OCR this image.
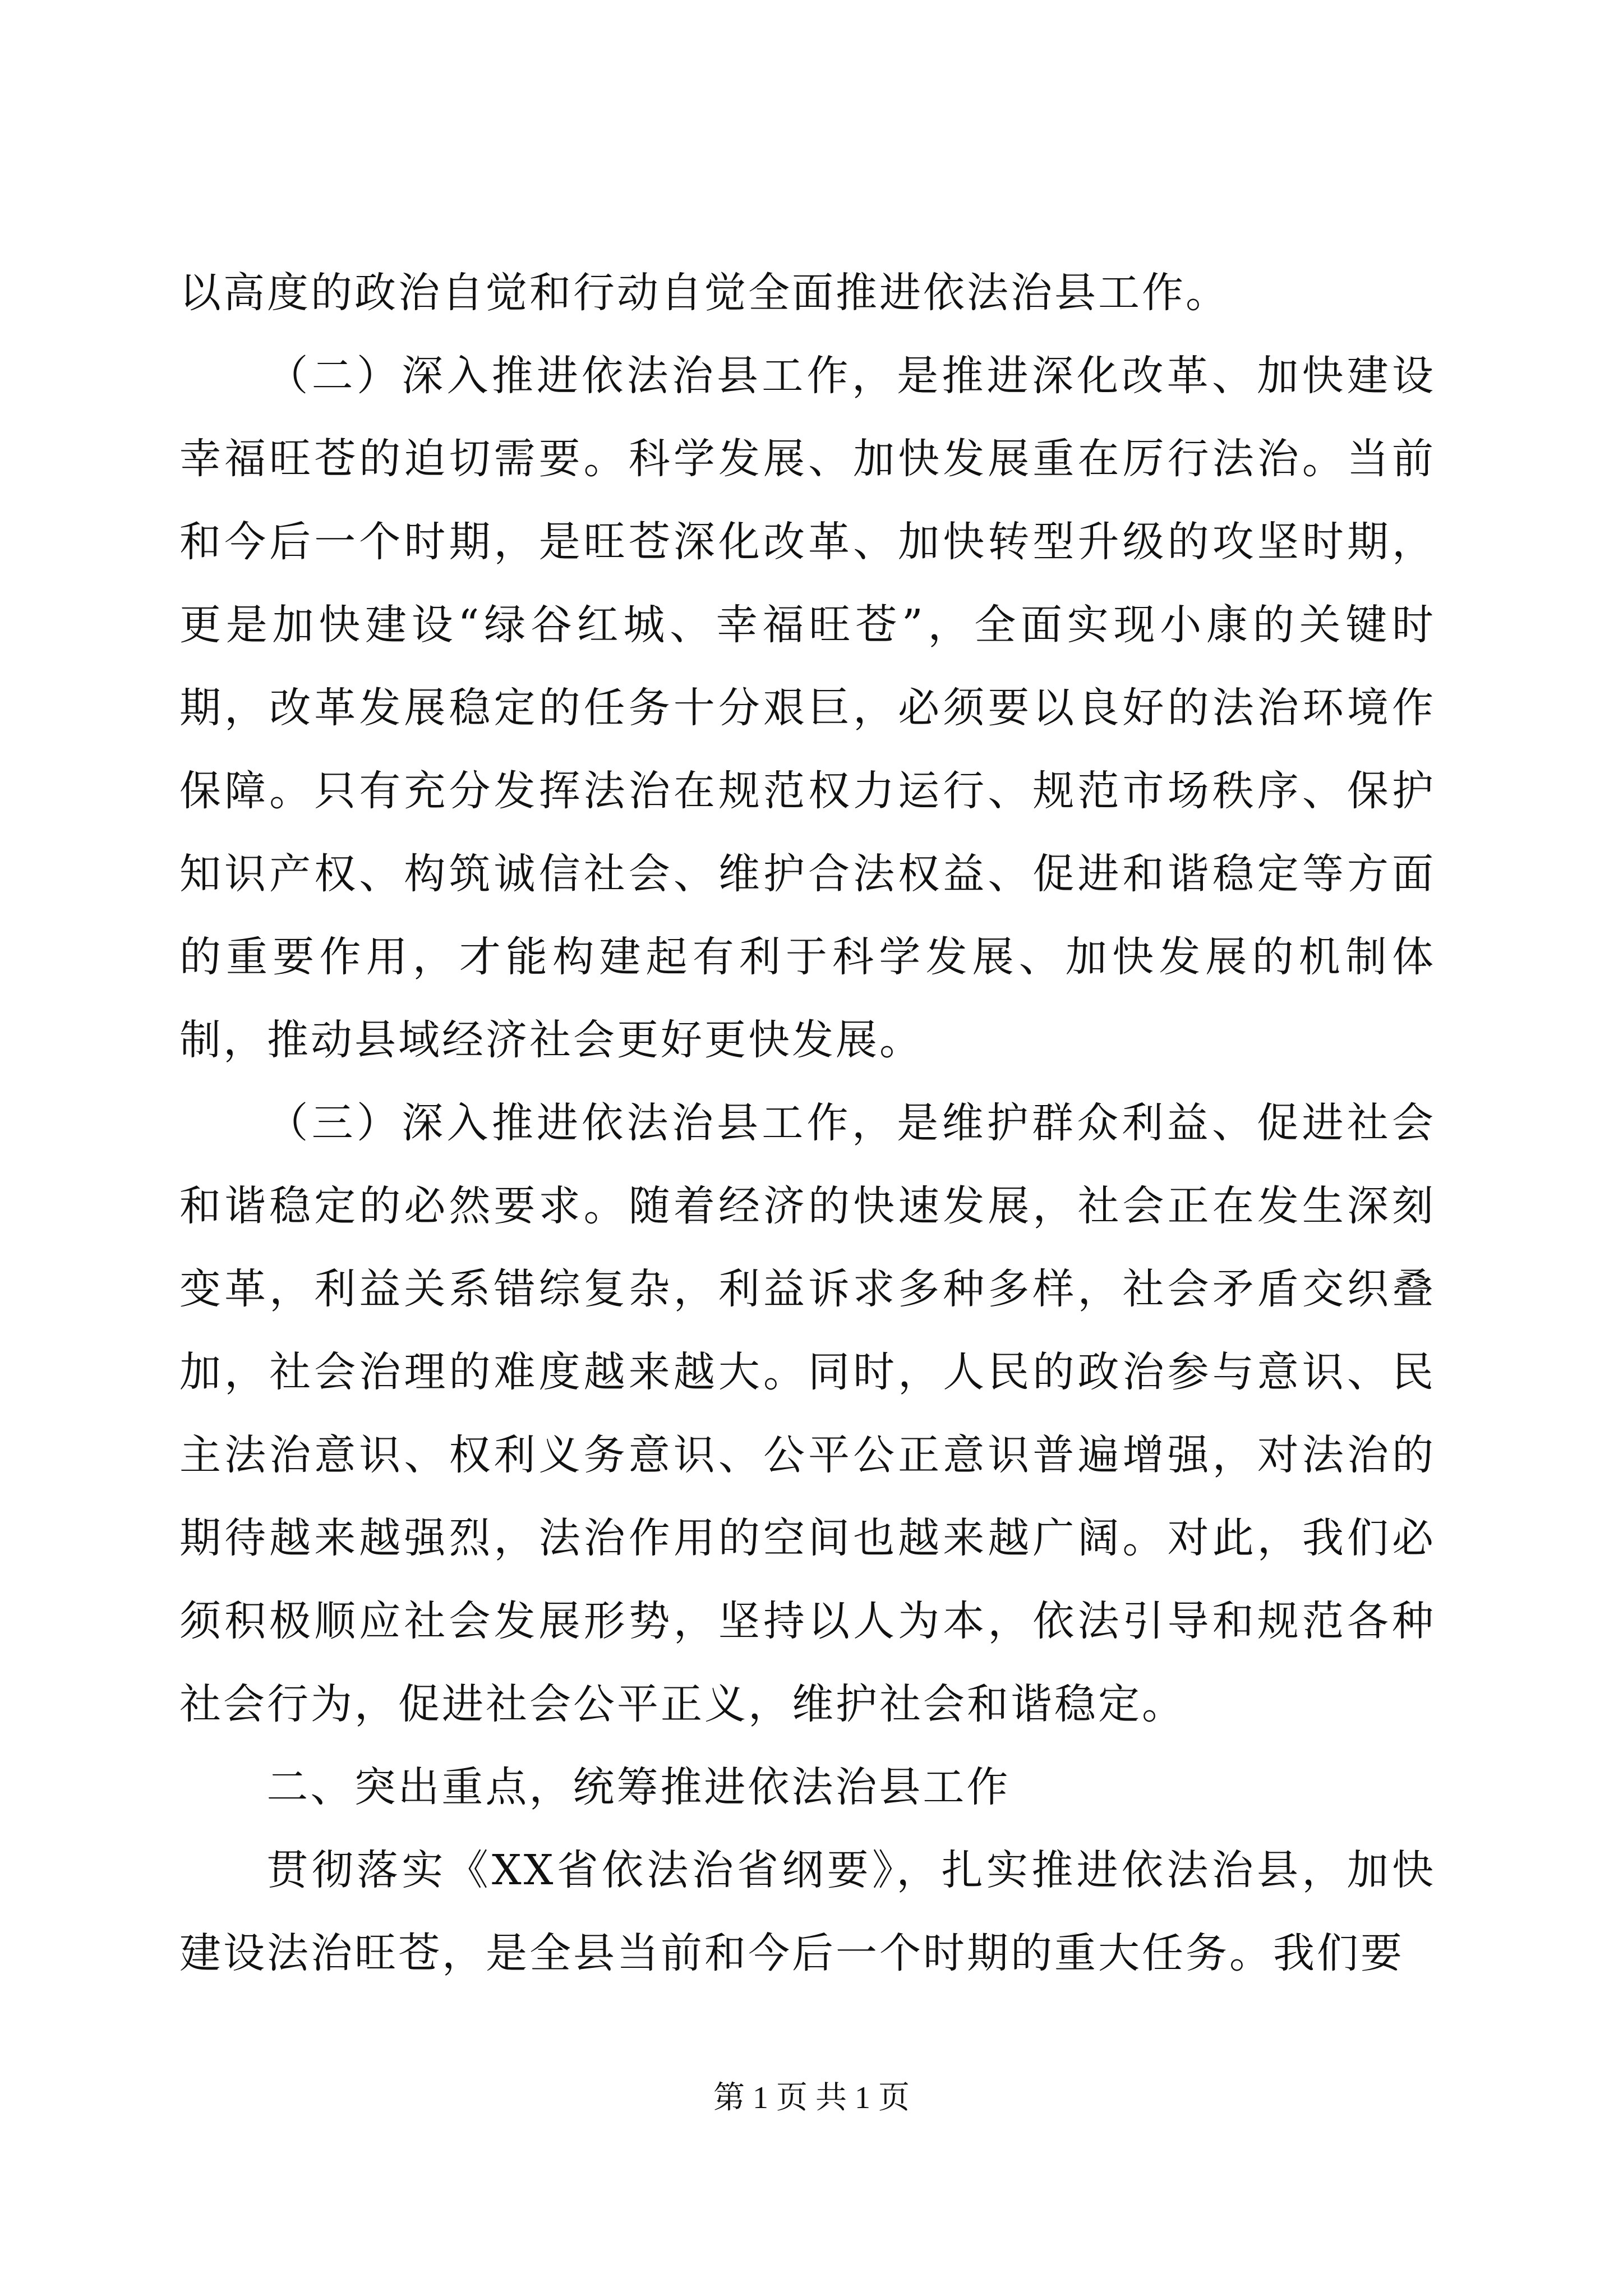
以高度的政治自觉和行动自觉全面推进依法治县工作。

（二）深入推进依法治县工作，是推进深化改革、加快建设幸福旺苍的迫切需要。科学发展、加快发展重在厉行法治。当前和今后一个时期，是旺苍深化改革、加快转型升级的攻坚时期，更是加快建设“绿谷红城、幸福旺苍”，全面实现小康的关键时期，改革发展稳定的任务十分艰巨，必须要以良好的法治环境作保障。只有充分发挥法治在规范权力运行、规范市场秩序、保护知识产权、构筑诚信社会、维护合法权益、促进和谐稳定等方面的重要作用，才能构建起有利于科学发展、加快发展的机制体制，推动县域经济社会更好更快发展。

（三）深入推进依法治县工作，是维护群众利益、促进社会和谐稳定的必然要求。随着经济的快速发展，社会正在发生深刻变革，利益关系错综复杂，利益诉求多种多样，社会矛盾交织叠加，社会治理的难度越来越大。同时，人民的政治参与意识、民主法治意识、权利义务意识、公平公正意识普遍增强，对法治的期待越来越强烈，法治作用的空间也越来越广阔。对此，我们必须积极顺应社会发展形势，坚持以人为本，依法引导和规范各种社会行为，促进社会公平正义，维护社会和谐稳定。

二、突出重点，统筹推进依法治县工作

贯彻落实《XX省依法治省纲要》，扎实推进依法治县，加快建设法治旺苍，是全县当前和今后一个时期的重大任务。我们要

第 1 页 共 1 页
